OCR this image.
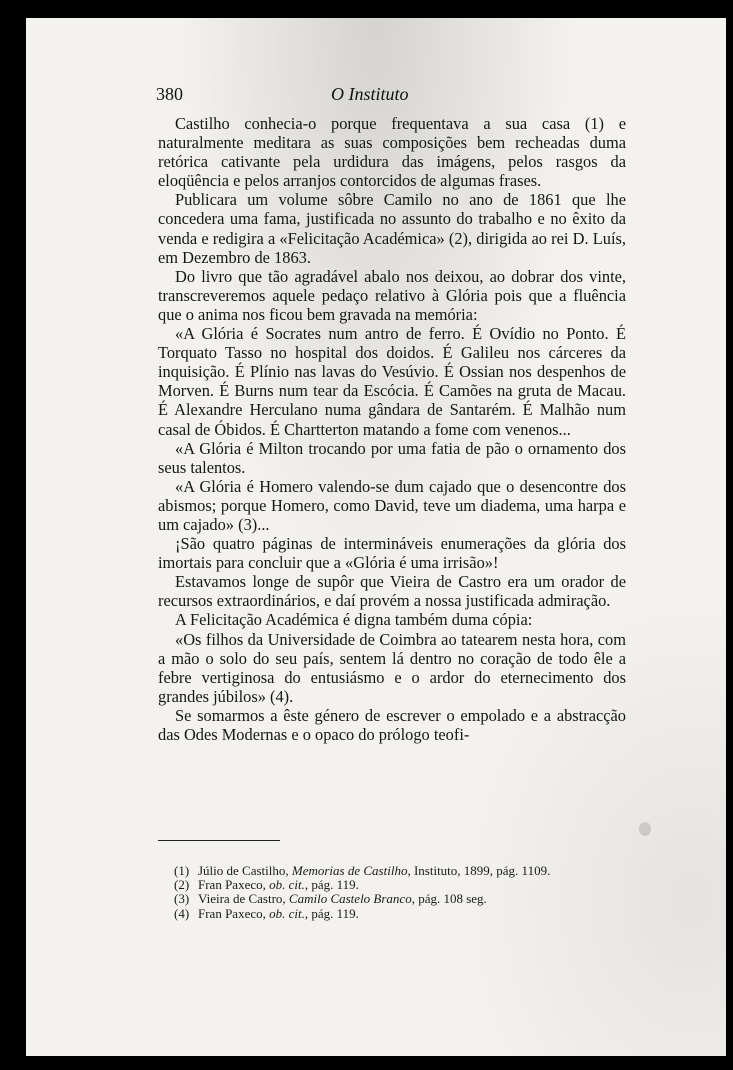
380	O Instituto

Castilho conhecia-o porque frequentava a sua casa (1) e naturalmente meditara as suas composições bem recheadas duma retórica cativante pela urdidura das imágens, pelos rasgos da eloqüência e pelos arranjos contorcidos de algumas frases.

Publicara um volume sôbre Camilo no ano de 1861 que lhe concedera uma fama, justificada no assunto do trabalho e no êxito da venda e redigira a «Felicitação Académica» (2), dirigida ao rei D. Luís, em Dezembro de 1863.

Do livro que tão agradável abalo nos deixou, ao dobrar dos vinte, transcreveremos aquele pedaço relativo à Glória pois que a fluência que o anima nos ficou bem gravada na memória:

«A Glória é Socrates num antro de ferro. É Ovídio no Ponto. É Torquato Tasso no hospital dos doidos. É Galileu nos cárceres da inquisição. É Plínio nas lavas do Vesúvio. É Ossian nos despenhos de Morven. É Burns num tear da Escócia. É Camões na gruta de Macau. É Alexandre Herculano numa gândara de Santarém. É Malhão num casal de Óbidos. É Chartterton matando a fome com venenos...

«A Glória é Milton trocando por uma fatia de pão o ornamento dos seus talentos.

«A Glória é Homero valendo-se dum cajado que o desencontre dos abismos; porque Homero, como David, teve um diadema, uma harpa e um cajado» (3)...

¡São quatro páginas de intermináveis enumerações da glória dos imortais para concluir que a «Glória é uma irrisão»!

Estavamos longe de supôr que Vieira de Castro era um orador de recursos extraordinários, e daí provém a nossa justificada admiração.

A Felicitação Académica é digna também duma cópia:

«Os filhos da Universidade de Coimbra ao tatearem nesta hora, com a mão o solo do seu país, sentem lá dentro no coração de todo êle a febre vertiginosa do entusiásmo e o ardor do eternecimento dos grandes júbilos» (4).

Se somarmos a êste género de escrever o empolado e a abstracção das Odes Modernas e o opaco do prólogo teofi-

(1) Júlio de Castilho, Memorias de Castilho, Instituto, 1899, pág. 1109.
(2) Fran Paxeco, ob. cit., pág. 119.
(3) Vieira de Castro, Camilo Castelo Branco, pág. 108 seg.
(4) Fran Paxeco, ob. cit., pág. 119.
